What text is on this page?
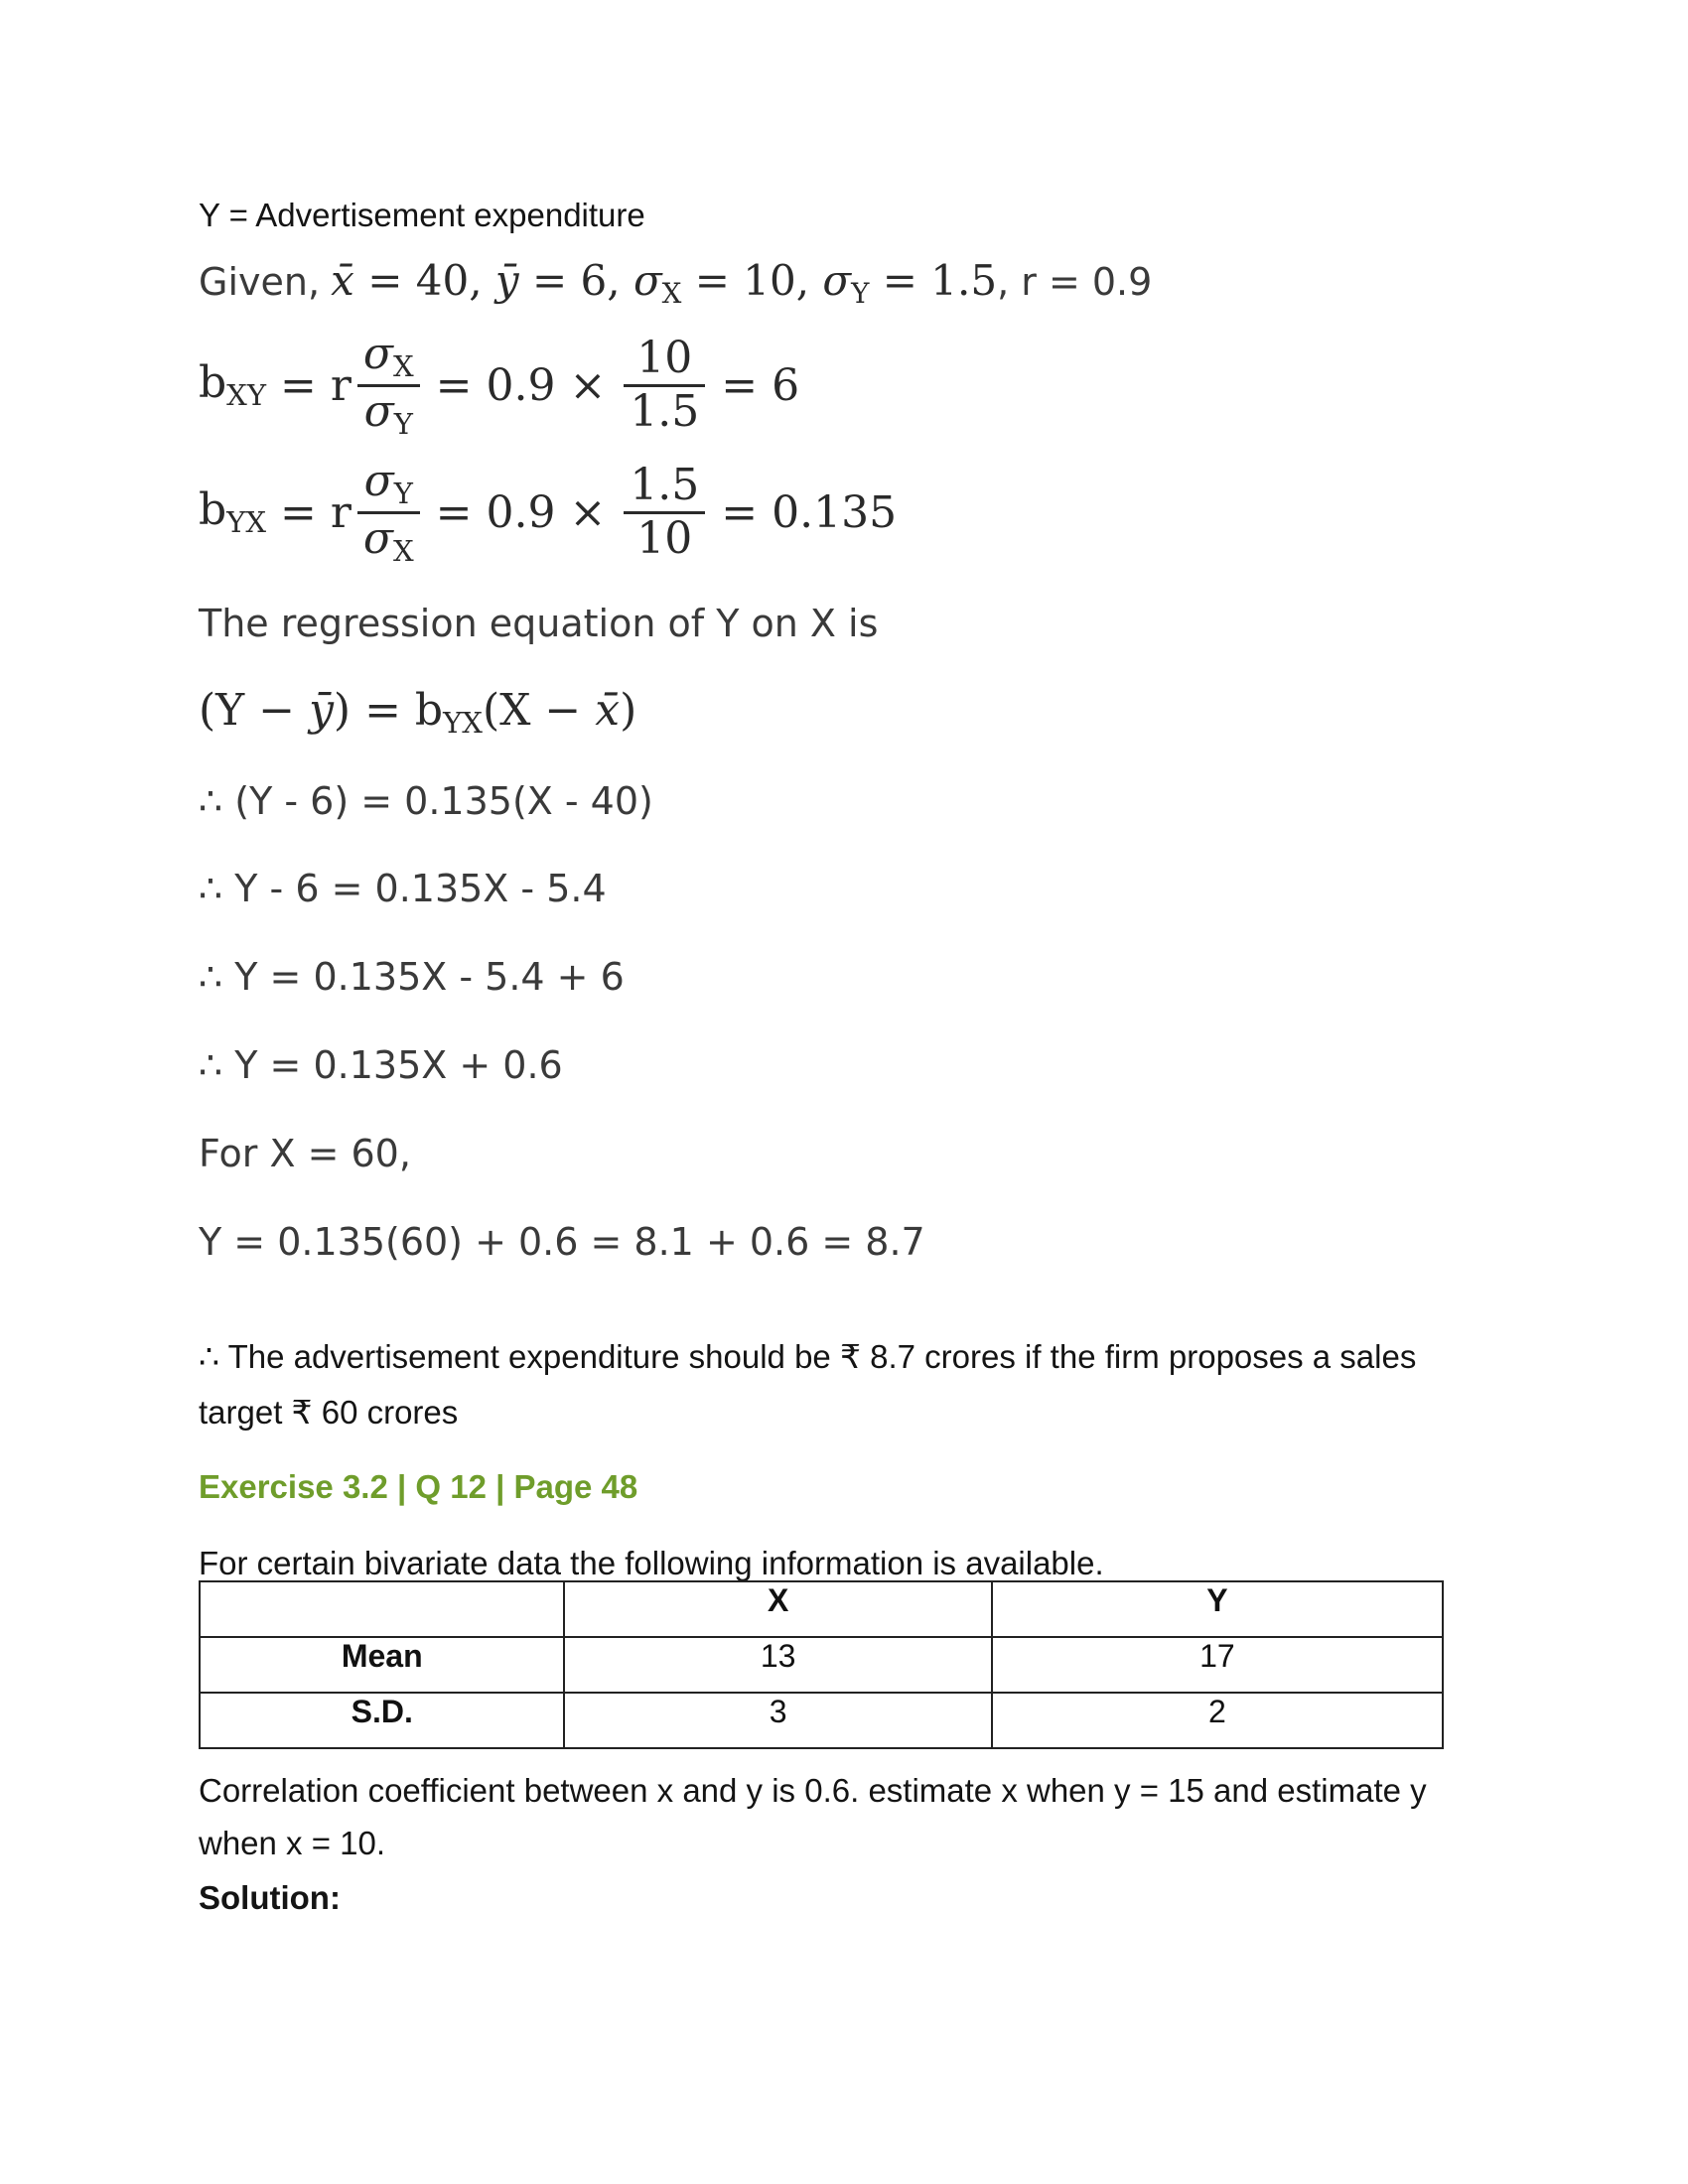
Y = Advertisement expenditure
Given, x̄ = 40, ȳ = 6, $\sigma_X = 10$, $\sigma_Y = 1.5$, r = 0.9
$b_{XY} = r \frac{\sigma_X}{\sigma_Y} = 0.9 \times \frac{10}{1.5} = 6$
$b_{YX} = r \frac{\sigma_Y}{\sigma_X} = 0.9 \times \frac{1.5}{10} = 0.135$
The regression equation of Y on X is
(Y − ȳ) = $b_{YX}(X$ − x̄)
∴ (Y - 6) = 0.135(X - 40)
∴ Y - 6 = 0.135X - 5.4
∴ Y = 0.135X - 5.4 + 6
∴ Y = 0.135X + 0.6
For X = 60,
Y = 0.135(60) + 0.6 = 8.1 + 0.6 = 8.7
∴ The advertisement expenditure should be ₹ 8.7 crores if the firm proposes a sales
target ₹ 60 crores
Exercise 3.2 | Q 12 | Page 48
For certain bivariate data the following information is available.
	X	Y
Mean	13	17
S.D.	3	2
Correlation coefficient between x and y is 0.6. estimate x when y = 15 and estimate y
when x = 10.
Solution:
